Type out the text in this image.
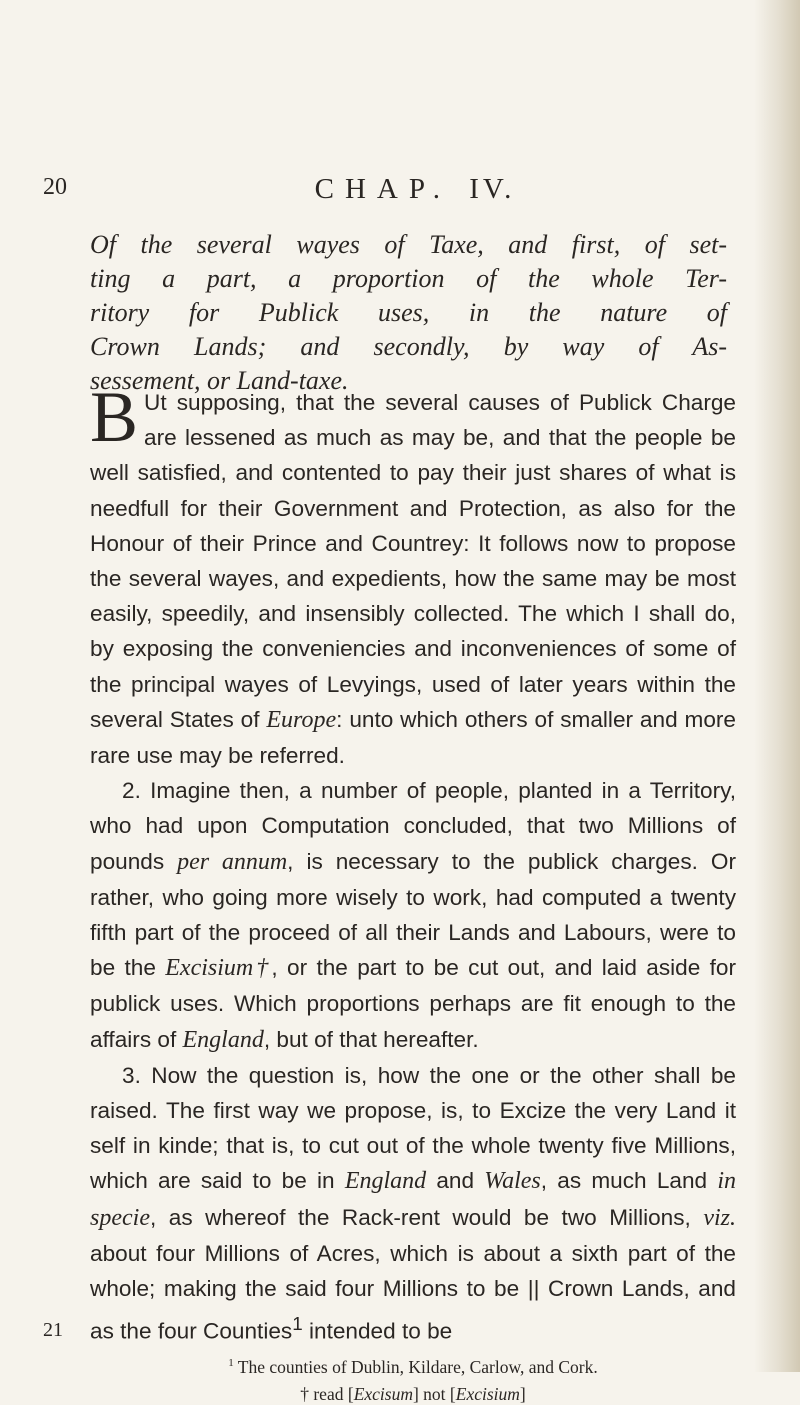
20	CHAP. IV.
Of the several wayes of Taxe, and first, of set-
ting a part, a proportion of the whole Ter-
ritory for Publick uses, in the nature of
Crown Lands; and secondly, by way of As-
sessement, or Land-taxe.

B Ut supposing, that the several causes of Publick Charge are lessened as much as may be, and that the people be well satisfied, and contented to pay their just shares of what is needfull for their Government and Protection, as also for the Honour of their Prince and Countrey: It follows now to propose the several wayes, and expedients, how the same may be most easily, speedily, and insensibly collected. The which I shall do, by exposing the conveniencies and inconveniences of some of the principal wayes of Levyings, used of later years within the several States of Europe: unto which others of smaller and more rare use may be referred.

2. Imagine then, a number of people, planted in a Territory, who had upon Computation concluded, that two Millions of pounds per annum, is necessary to the publick charges. Or rather, who going more wisely to work, had computed a twenty fifth part of the proceed of all their Lands and Labours, were to be the Excisium†, or the part to be cut out, and laid aside for publick uses. Which proportions perhaps are fit enough to the affairs of England, but of that hereafter.

3. Now the question is, how the one or the other shall be raised. The first way we propose, is, to Excize the very Land it self in kinde; that is, to cut out of the whole twenty five Millions, which are said to be in England and Wales, as much Land in specie, as whereof the Rack-rent would be two Millions, viz. about four Millions of Acres, which is about a sixth part of the whole; making the said four Millions to be || Crown Lands, and as the four Counties$^1$ intended to be

21
$^1$ The counties of Dublin, Kildare, Carlow, and Cork.
† read [Excisum] not [Excisium]
